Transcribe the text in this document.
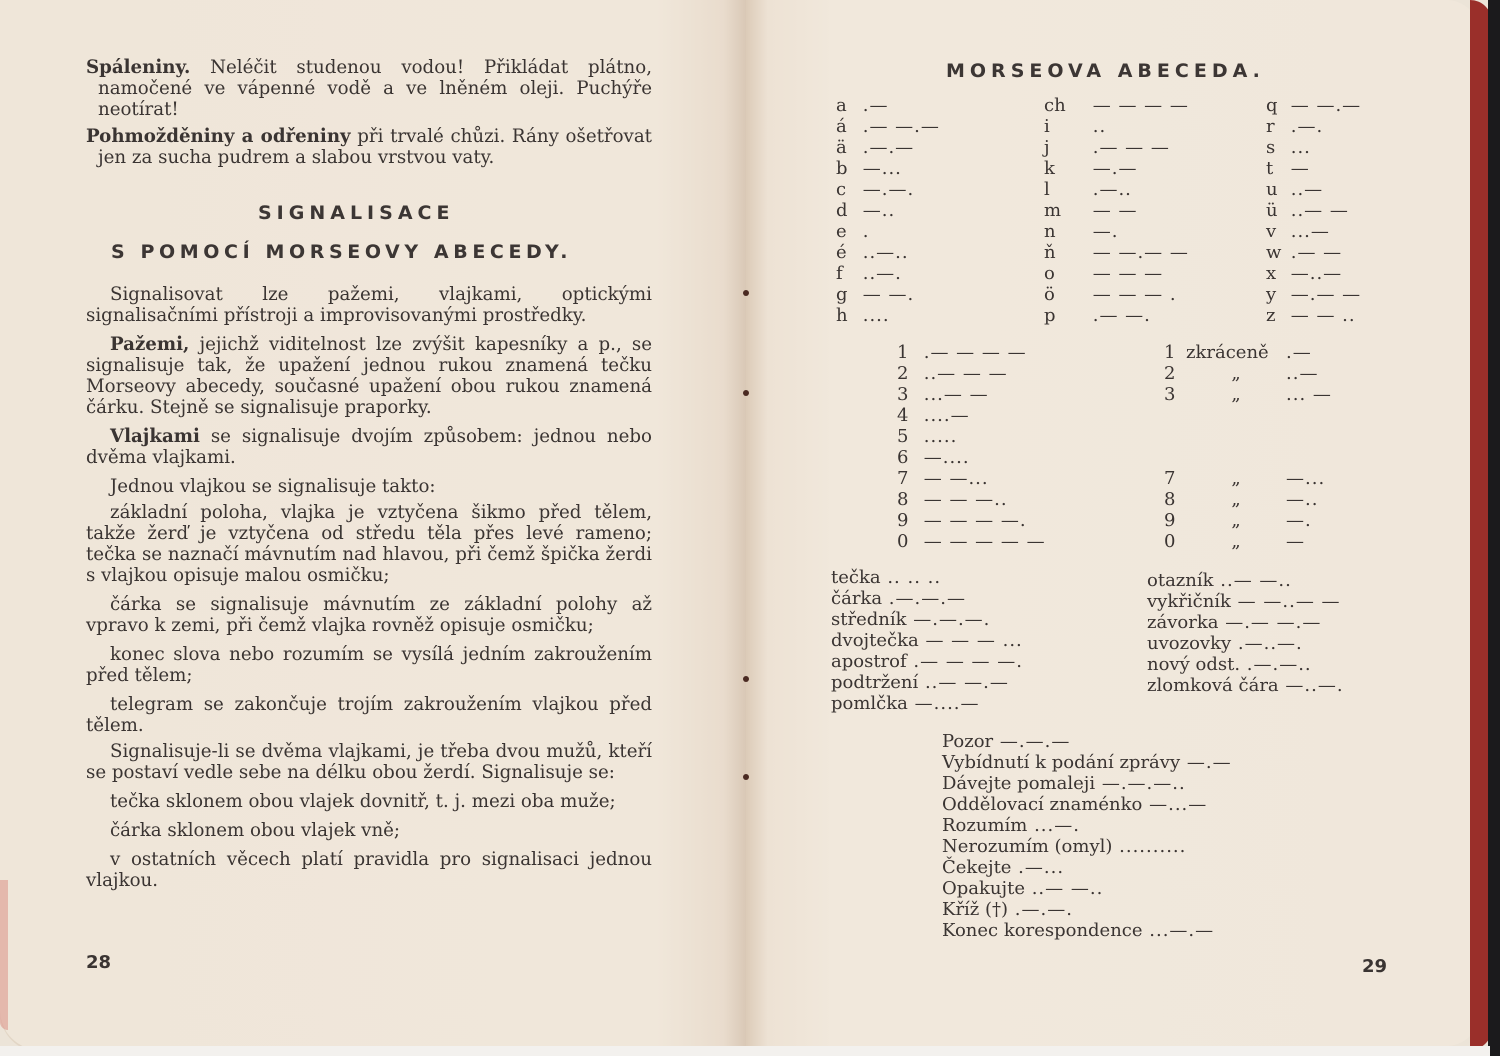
Spáleniny. Neléčit studenou vodou! Přikládat plátno, namočené ve vápenné vodě a ve lněném oleji. Puchýře neotírat!

Pohmožděniny a odřeniny při trvalé chůzi. Rány ošetřovat jen za sucha pudrem a slabou vrstvou vaty.

SIGNALISACE
S POMOCÍ MORSEOVY ABECEDY.

Signalisovat lze pažemi, vlajkami, optickými signalisačními přístroji a improvisovanými prostředky.

Pažemi, jejichž viditelnost lze zvýšit kapesníky a p., se signalisuje tak, že upažení jednou rukou znamená tečku Morseovy abecedy, současné upažení obou rukou znamená čárku. Stejně se signalisuje praporky.

Vlajkami se signalisuje dvojím způsobem: jednou nebo dvěma vlajkami.

Jednou vlajkou se signalisuje takto:

základní poloha, vlajka je vztyčena šikmo před tělem, takže žerď je vztyčena od středu těla přes levé rameno; tečka se naznačí mávnutím nad hlavou, při čemž špička žerdi s vlajkou opisuje malou osmičku;

čárka se signalisuje mávnutím ze základní polohy až vpravo k zemi, při čemž vlajka rovněž opisuje osmičku;

konec slova nebo rozumím se vysílá jedním zakroužením před tělem;

telegram se zakončuje trojím zakroužením vlajkou před tělem.

Signalisuje-li se dvěma vlajkami, je třeba dvou mužů, kteří se postaví vedle sebe na délku obou žerdí. Signalisuje se:

tečka sklonem obou vlajek dovnitř, t. j. mezi oba muže;

čárka sklonem obou vlajek vně;

v ostatních věcech platí pravidla pro signalisaci jednou vlajkou.

28
MORSEOVA ABECEDA.
a .—
á .— —.—
ä .—.—
b —...
c —.—.
d —..
e .
é ..—..
f ..—.
g — —.
h ....
ch	— — — —
i	..
j	.— — —
k	—.—
l	.—..
m	— —
n	—.
ň	— —.— —
o	— — —
ö	— — — .
p	.— —.
q — —.—
r .—.
s ...
t —
u ..—
ü ..— —
v ...—
w .— —
x —..—
y —.— —
z — — ..
1 .— — — —
2 ..— — —
3 ...— —
4 ....—
5 .....
6 —....
7 — —...
8 — — —..
9 — — — —.
0 — — — — —
1 zkráceně .—
2	„	..—
3	„	... —
7	„	—...
8	„	—..
9	„	—.
0	„	—
tečka .. .. ..
čárka .—.—.—
středník —.—.—.
dvojtečka — — — ...
apostrof .— — — —.
podtržení ..— —.—
pomlčka —....—
otazník ..— —..
vykřičník — —..— —
závorka —.— —.—
uvozovky .—..—.
nový odst. .—.—..
zlomková čára —..—.
Pozor —.—.—
Vybídnutí k podání zprávy —.—
Dávejte pomaleji —.—.—..
Oddělovací znaménko —...—
Rozumím ...—.
Nerozumím (omyl) ..........
Čekejte .—...
Opakujte ..— —..
Kříž (†) .—.—.
Konec korespondence ...—.—
29
